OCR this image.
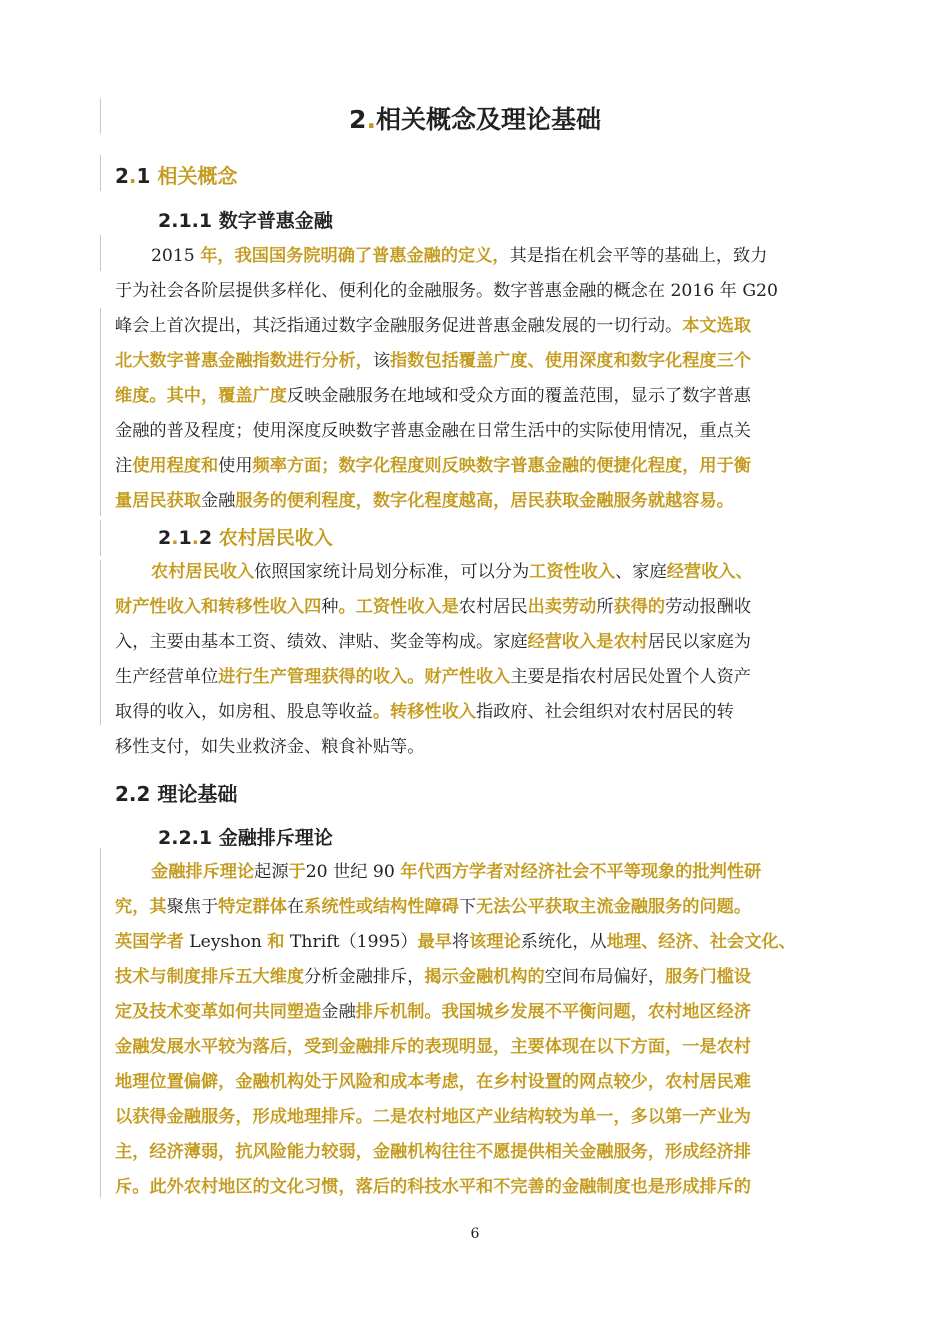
2.相关概念及理论基础
2.1 相关概念
2.1.1 数字普惠金融
2015 年，我国国务院明确了普惠金融的定义，其是指在机会平等的基础上，致力
于为社会各阶层提供多样化、便利化的金融服务。数字普惠金融的概念在 2016 年 G20
峰会上首次提出，其泛指通过数字金融服务促进普惠金融发展的一切行动。本文选取
北大数字普惠金融指数进行分析，该指数包括覆盖广度、使用深度和数字化程度三个
维度。其中，覆盖广度反映金融服务在地域和受众方面的覆盖范围，显示了数字普惠
金融的普及程度；使用深度反映数字普惠金融在日常生活中的实际使用情况，重点关
注使用程度和使用频率方面；数字化程度则反映数字普惠金融的便捷化程度，用于衡
量居民获取金融服务的便利程度，数字化程度越高，居民获取金融服务就越容易。
2.1.2 农村居民收入
农村居民收入依照国家统计局划分标准，可以分为工资性收入、家庭经营收入、
财产性收入和转移性收入四种。工资性收入是农村居民出卖劳动所获得的劳动报酬收
入，主要由基本工资、绩效、津贴、奖金等构成。家庭经营收入是农村居民以家庭为
生产经营单位进行生产管理获得的收入。财产性收入主要是指农村居民处置个人资产
取得的收入，如房租、股息等收益。转移性收入指政府、社会组织对农村居民的转
移性支付，如失业救济金、粮食补贴等。
2.2 理论基础
2.2.1 金融排斥理论
金融排斥理论起源于20 世纪 90 年代西方学者对经济社会不平等现象的批判性研
究，其聚焦于特定群体在系统性或结构性障碍下无法公平获取主流金融服务的问题。
英国学者 Leyshon 和 Thrift（1995）最早将该理论系统化，从地理、经济、社会文化、
技术与制度排斥五大维度分析金融排斥，揭示金融机构的空间布局偏好，服务门槛设
定及技术变革如何共同塑造金融排斥机制。我国城乡发展不平衡问题，农村地区经济
金融发展水平较为落后，受到金融排斥的表现明显，主要体现在以下方面，一是农村
地理位置偏僻，金融机构处于风险和成本考虑，在乡村设置的网点较少，农村居民难
以获得金融服务，形成地理排斥。二是农村地区产业结构较为单一，多以第一产业为
主，经济薄弱，抗风险能力较弱，金融机构往往不愿提供相关金融服务，形成经济排
斥。此外农村地区的文化习惯，落后的科技水平和不完善的金融制度也是形成排斥的
6
